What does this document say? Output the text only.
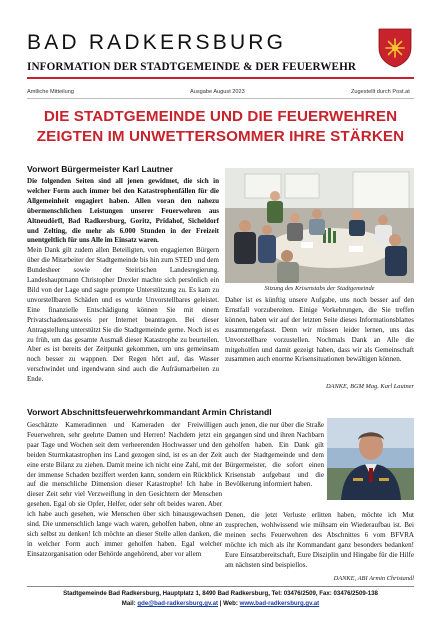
BAD RADKERSBURG
INFORMATION DER STADTGEMEINDE & DER FEUERWEHR
Amtliche Mitteilung	Ausgabe August 2023	Zugestellt durch Post.at
DIE STADTGEMEINDE UND DIE FEUERWEHREN
ZEIGTEN IM UNWETTERSOMMER IHRE STÄRKEN
Vorwort Bürgermeister Karl Lautner

Die folgenden Seiten sind all jenen gewidmet, die sich in welcher Form auch immer bei den Katastrophenfällen für die Allgemeinheit engagiert haben. Allen voran den nahezu übermenschlichen Leistungen unserer Feuerwehren aus Altneudörfl, Bad Radkersburg, Goritz, Pridahof, Sicheldorf und Zelting, die mehr als 6.000 Stunden in der Freizeit unentgeltlich für uns Alle im Einsatz waren.

Mein Dank gilt zudem allen Beteiligten, von engagierten Bürgern über die Mitarbeiter der Stadtgemeinde bis hin zum STED und dem Bundesheer sowie der Steirischen Landesregierung. Landeshauptmann Christopher Drexler machte sich persönlich ein Bild von der Lage und sagte prompte Unterstützung zu. Es kam zu unvorstellbaren Schäden und es wurde Unvorstellbares geleistet. Eine finanzielle Entschädigung können Sie mit einem Privatschadensausweis per Internet beantragen. Bei dieser Antragstellung unterstützt Sie die Stadtgemeinde gerne. Noch ist es zu früh, um das gesamte Ausmaß dieser Katastrophe zu beurteilen. Aber es ist bereits der Zeitpunkt gekommen, um uns gemeinsam noch besser zu wappnen. Der Regen hört auf, das Wasser verschwindet und irgendwann sind auch die Aufräumarbeiten zu Ende.

Sitzung des Krisenstabs der Stadtgemeinde

Daher ist es künftig unsere Aufgabe, uns noch besser auf den Ernstfall vorzubereiten. Einige Vorkehrungen, die Sie treffen können, haben wir auf der letzten Seite dieses Informationsblattes zusammengefasst. Denn wir müssen leider lernen, uns das Unvorstellbare vorzustellen. Nochmals Dank an Alle die mitgeholfen und damit gezeigt haben, dass wir als Gemeinschaft zusammen auch enorme Krisensituationen bewältigen können.

DANKE, BGM Mag. Karl Lautner
Vorwort Abschnittsfeuerwehrkommandant Armin Christandl

Geschätzte Kameradinnen und Kameraden der Freiwilligen Feuerwehren, sehr geehrte Damen und Herren! Nachdem jetzt ein paar Tage und Wochen seit dem verheerenden Hochwasser und den beiden Sturmkatastrophen ins Land gezogen sind, ist es an der Zeit eine erste Bilanz zu ziehen. Damit meine ich nicht eine Zahl, mit der der immense Schaden beziffert werden kann, sondern ein Rückblick auf die menschliche Dimension dieser Katastrophe! Ich habe in dieser Zeit sehr viel Verzweiflung in den Gesichtern der Menschen gesehen. Egal ob sie Opfer, Helfer, oder sehr oft beides waren. Aber ich habe auch gesehen, wie Menschen über sich hinausgewachsen sind. Die unmenschlich lange wach waren, geholfen haben, ohne an sich selbst zu denken! Ich möchte an dieser Stelle allen danken, die in welcher Form auch immer geholfen haben. Egal welcher Einsatzorganisation oder Behörde angehörend, aber vor allem

auch jenen, die nur über die Straße gegangen sind und ihren Nachbarn geholfen haben. Ein Dank gilt auch der Stadtgemeinde und dem Bürgermeister, die sofort einen Krisenstab aufgebaut und die Bevölkerung informiert haben.

Denen, die jetzt Verluste erlitten haben, möchte ich Mut zusprechen, wohlwissend wie mühsam ein Wiederaufbau ist. Bei meinen sechs Feuerwehren des Abschnittes 6 vom BFVRA möchte ich mich als ihr Kommandant ganz besonders bedanken! Eure Einsatzbereitschaft, Eure Disziplin und Hingabe für die Hilfe am nächsten sind beispiellos.

DANKE, ABI Armin Christandl
Stadtgemeinde Bad Radkersburg, Hauptplatz 1, 8490 Bad Radkersburg, Tel: 03476/2509, Fax: 03476/2509-138
Mail: gde@bad-radkersburg.gv.at | Web: www.bad-radkersburg.gv.at
